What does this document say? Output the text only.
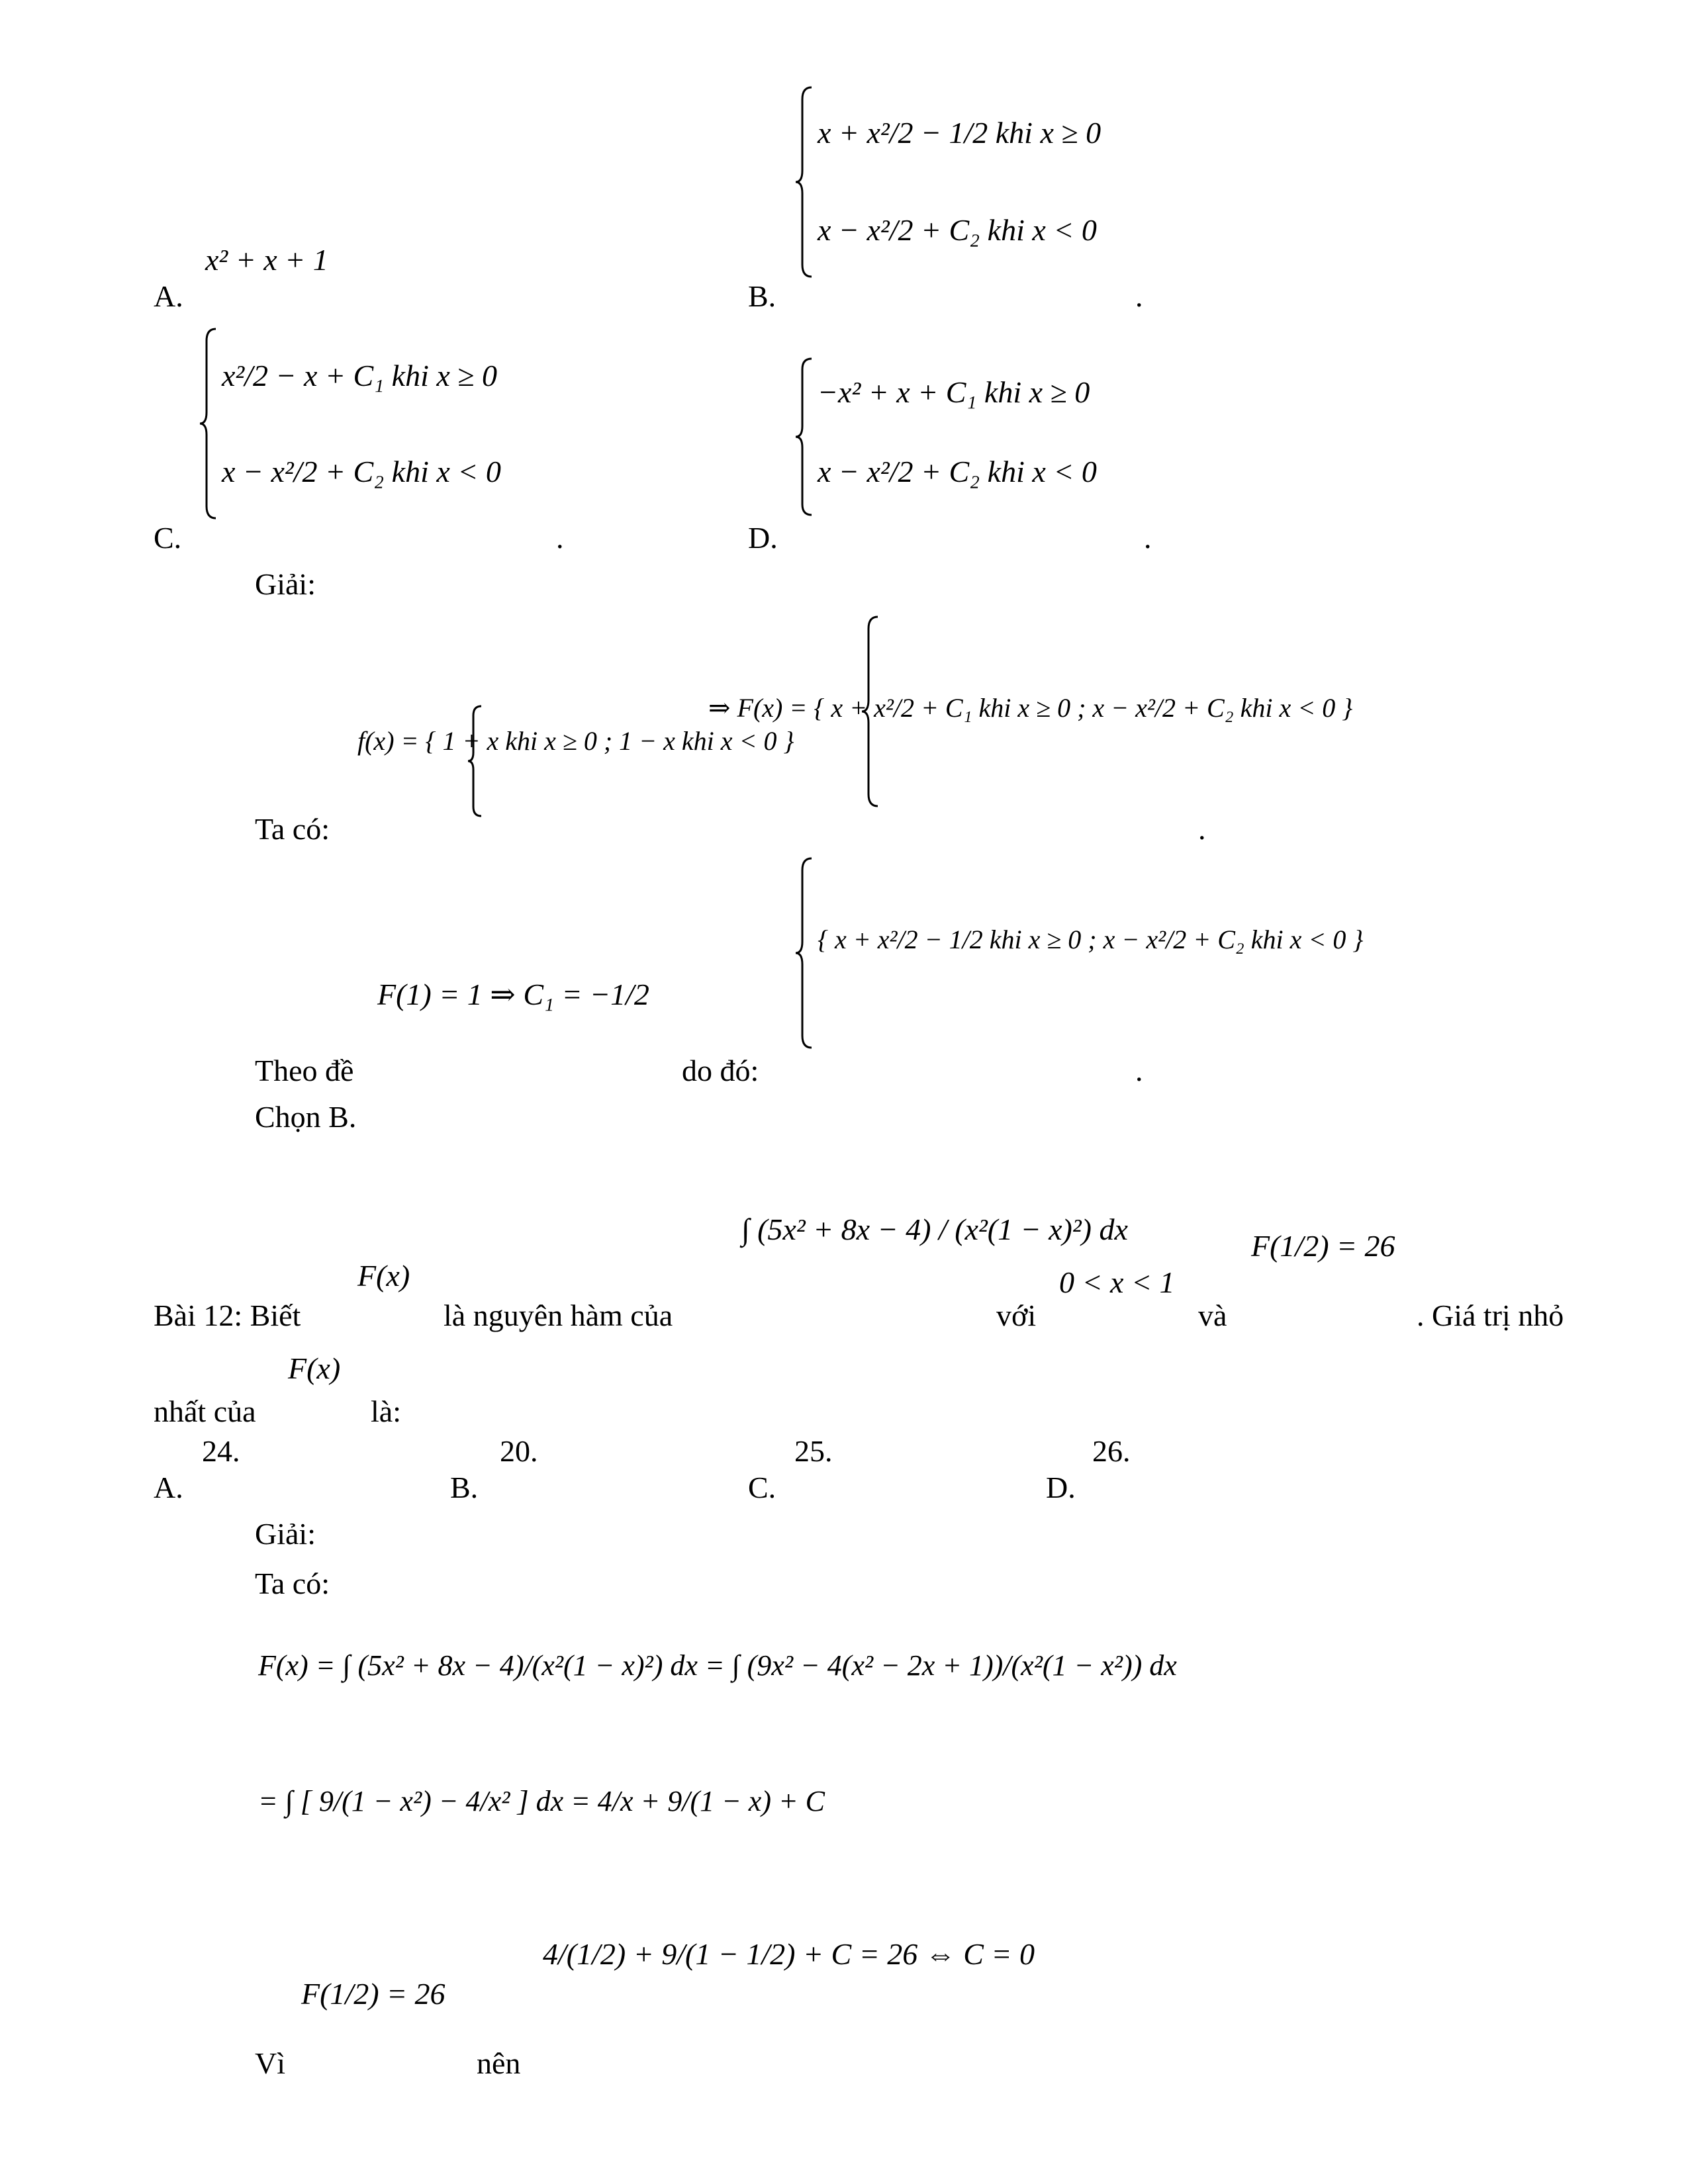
A.
x² + x + 1
B.
x + x²/2 − 1/2 khi x ≥ 0
x − x²/2 + C₂ khi x < 0
.
C.
x²/2 − x + C₁ khi x ≥ 0
x − x²/2 + C₂ khi x < 0
.	D.
−x² + x + C₁ khi x ≥ 0
x − x²/2 + C₂ khi x < 0
.
Giải:
f(x) = { 1 + x khi x ≥ 0 ; 1 − x khi x < 0 }
⇒ F(x) = { x + x²/2 + C₁ khi x ≥ 0 ; x − x²/2 + C₂ khi x < 0 }
Ta có:	.
F(1) = 1 ⇒ C₁ = −1/2
{ x + x²/2 − 1/2 khi x ≥ 0 ; x − x²/2 + C₂ khi x < 0 }
Theo đề	do đó:	.
Chọn B.
F(x)
∫ (5x² + 8x − 4) / (x²(1 − x)²) dx
0 < x < 1
F(1/2) = 26
Bài 12: Biết	là nguyên hàm của	với	và	. Giá trị nhỏ
F(x)
nhất của	là:
A.
24.
B.
20.
C.
25.
D.
26.
Giải:
Ta có:
F(x) = ∫ (5x² + 8x − 4)/(x²(1 − x)²) dx = ∫ (9x² − 4(x² − 2x + 1))/(x²(1 − x²)) dx
= ∫ [ 9/(1 − x²) − 4/x² ] dx = 4/x + 9/(1 − x) + C
F(1/2) = 26
4/(1/2) + 9/(1 − 1/2) + C = 26 ⇔ C = 0
Vì	nên
